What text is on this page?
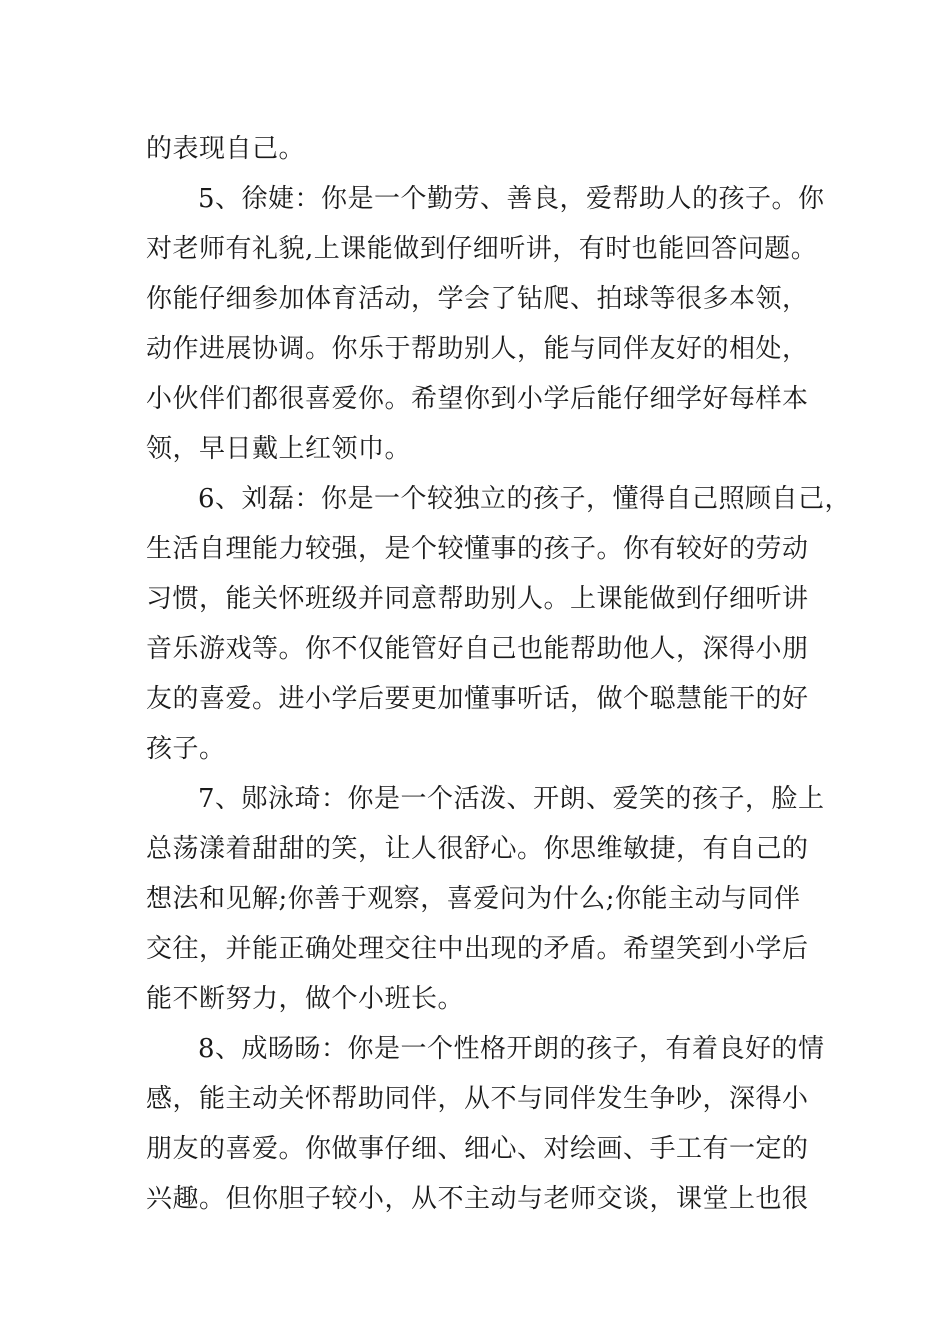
的表现自己。
5、徐婕：你是一个勤劳、善良，爱帮助人的孩子。你
对老师有礼貌,上课能做到仔细听讲，有时也能回答问题。
你能仔细参加体育活动，学会了钻爬、拍球等很多本领，
动作进展协调。你乐于帮助别人，能与同伴友好的相处，
小伙伴们都很喜爱你。希望你到小学后能仔细学好每样本
领，早日戴上红领巾。
6、刘磊：你是一个较独立的孩子，懂得自己照顾自己，
生活自理能力较强，是个较懂事的孩子。你有较好的劳动
习惯，能关怀班级并同意帮助别人。上课能做到仔细听讲
音乐游戏等。你不仅能管好自己也能帮助他人，深得小朋
友的喜爱。进小学后要更加懂事听话，做个聪慧能干的好
孩子。
7、郧泳琦：你是一个活泼、开朗、爱笑的孩子，脸上
总荡漾着甜甜的笑，让人很舒心。你思维敏捷，有自己的
想法和见解;你善于观察，喜爱问为什么;你能主动与同伴
交往，并能正确处理交往中出现的矛盾。希望笑到小学后
能不断努力，做个小班长。
8、成旸旸：你是一个性格开朗的孩子，有着良好的情
感，能主动关怀帮助同伴，从不与同伴发生争吵，深得小
朋友的喜爱。你做事仔细、细心、对绘画、手工有一定的
兴趣。但你胆子较小，从不主动与老师交谈，课堂上也很
